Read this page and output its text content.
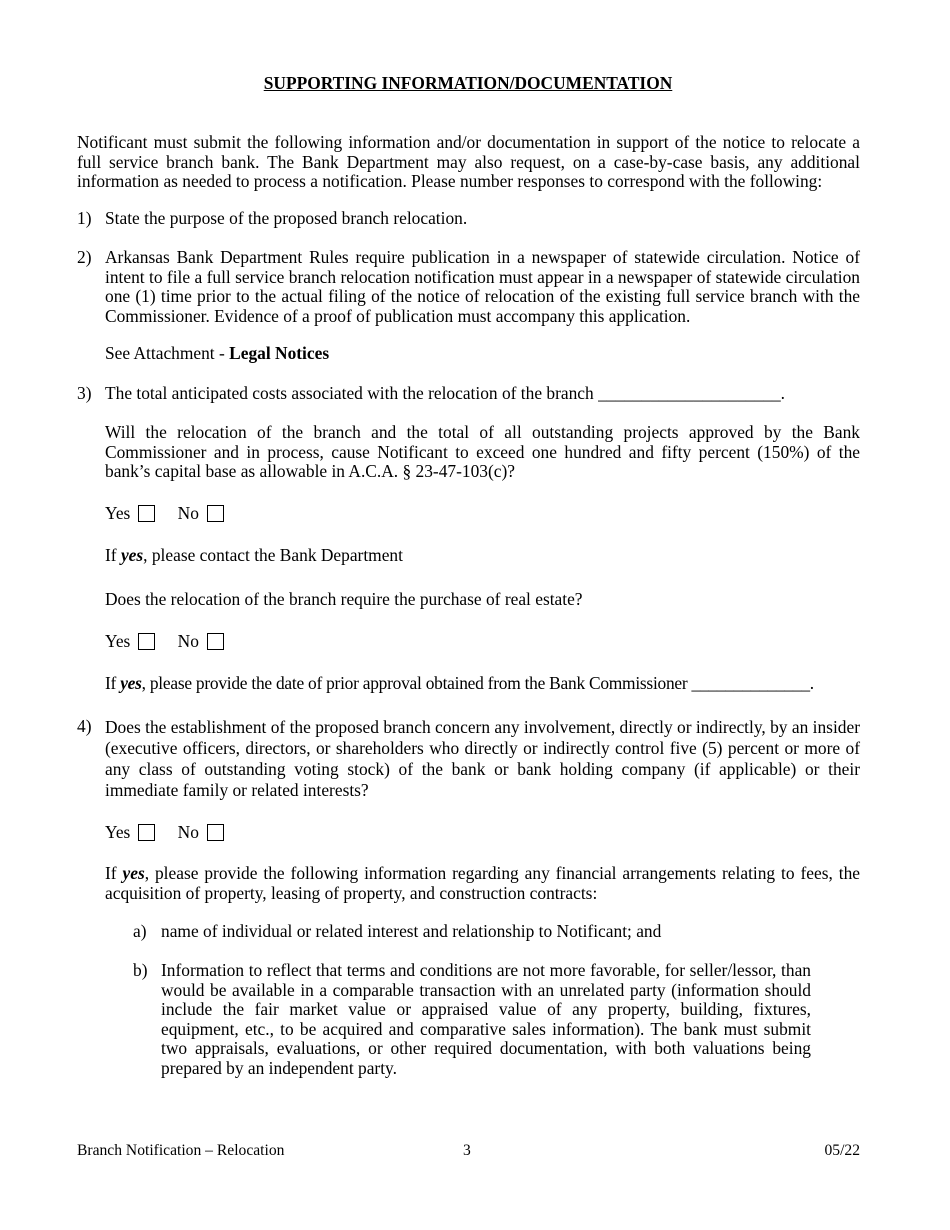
SUPPORTING INFORMATION/DOCUMENTATION
Notificant must submit the following information and/or documentation in support of the notice to relocate a full service branch bank. The Bank Department may also request, on a case-by-case basis, any additional information as needed to process a notification. Please number responses to correspond with the following:
1) State the purpose of the proposed branch relocation.
2) Arkansas Bank Department Rules require publication in a newspaper of statewide circulation. Notice of intent to file a full service branch relocation notification must appear in a newspaper of statewide circulation one (1) time prior to the actual filing of the notice of relocation of the existing full service branch with the Commissioner. Evidence of a proof of publication must accompany this application.
See Attachment - Legal Notices
3) The total anticipated costs associated with the relocation of the branch _____________________.
Will the relocation of the branch and the total of all outstanding projects approved by the Bank Commissioner and in process, cause Notificant to exceed one hundred and fifty percent (150%) of the bank’s capital base as allowable in A.C.A. § 23-47-103(c)?
Yes	No
If yes, please contact the Bank Department
Does the relocation of the branch require the purchase of real estate?
Yes	No
If yes, please provide the date of prior approval obtained from the Bank Commissioner ______________.
4) Does the establishment of the proposed branch concern any involvement, directly or indirectly, by an insider (executive officers, directors, or shareholders who directly or indirectly control five (5) percent or more of any class of outstanding voting stock) of the bank or bank holding company (if applicable) or their immediate family or related interests?
Yes	No
If yes, please provide the following information regarding any financial arrangements relating to fees, the acquisition of property, leasing of property, and construction contracts:
a) name of individual or related interest and relationship to Notificant; and
b) Information to reflect that terms and conditions are not more favorable, for seller/lessor, than would be available in a comparable transaction with an unrelated party (information should include the fair market value or appraised value of any property, building, fixtures, equipment, etc., to be acquired and comparative sales information). The bank must submit two appraisals, evaluations, or other required documentation, with both valuations being prepared by an independent party.
Branch Notification – Relocation	3	05/22
